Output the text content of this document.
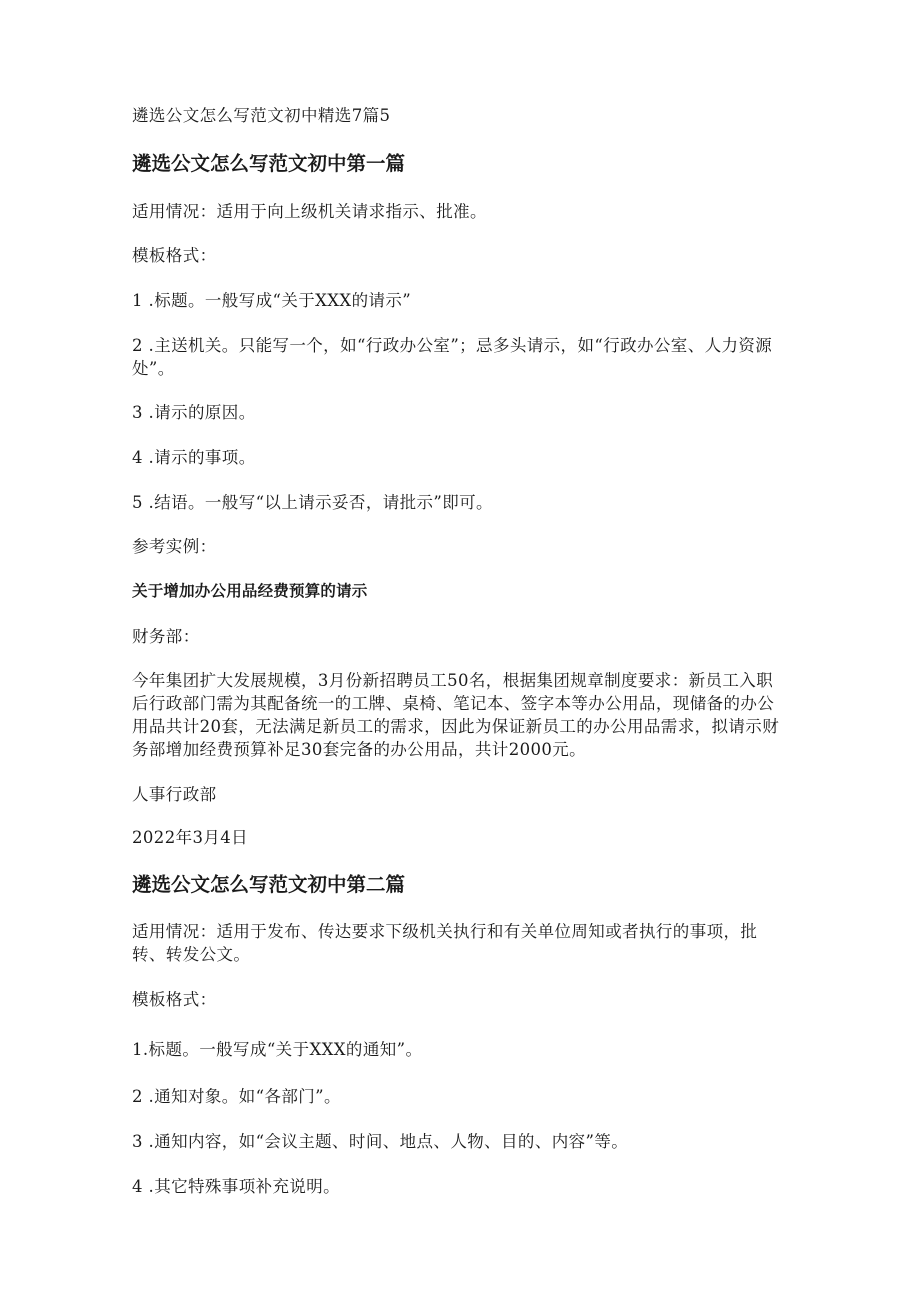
遴选公文怎么写范文初中精选7篇5
遴选公文怎么写范文初中第一篇
适用情况：适用于向上级机关请求指示、批准。
模板格式：
1 .标题。一般写成“关于XXX的请示”
2 .主送机关。只能写一个，如“行政办公室”；忌多头请示，如“行政办公室、人力资源处”。
3 .请示的原因。
4 .请示的事项。
5 .结语。一般写“以上请示妥否，请批示”即可。
参考实例：
关于增加办公用品经费预算的请示
财务部：
今年集团扩大发展规模，3月份新招聘员工50名，根据集团规章制度要求：新员工入职后行政部门需为其配备统一的工牌、桌椅、笔记本、签字本等办公用品，现储备的办公用品共计20套，无法满足新员工的需求，因此为保证新员工的办公用品需求，拟请示财务部增加经费预算补足30套完备的办公用品，共计2000元。
人事行政部
2022年3月4日
遴选公文怎么写范文初中第二篇
适用情况：适用于发布、传达要求下级机关执行和有关单位周知或者执行的事项，批转、转发公文。
模板格式：
1.标题。一般写成“关于XXX的通知”。
2 .通知对象。如“各部门”。
3 .通知内容，如“会议主题、时间、地点、人物、目的、内容”等。
4 .其它特殊事项补充说明。
